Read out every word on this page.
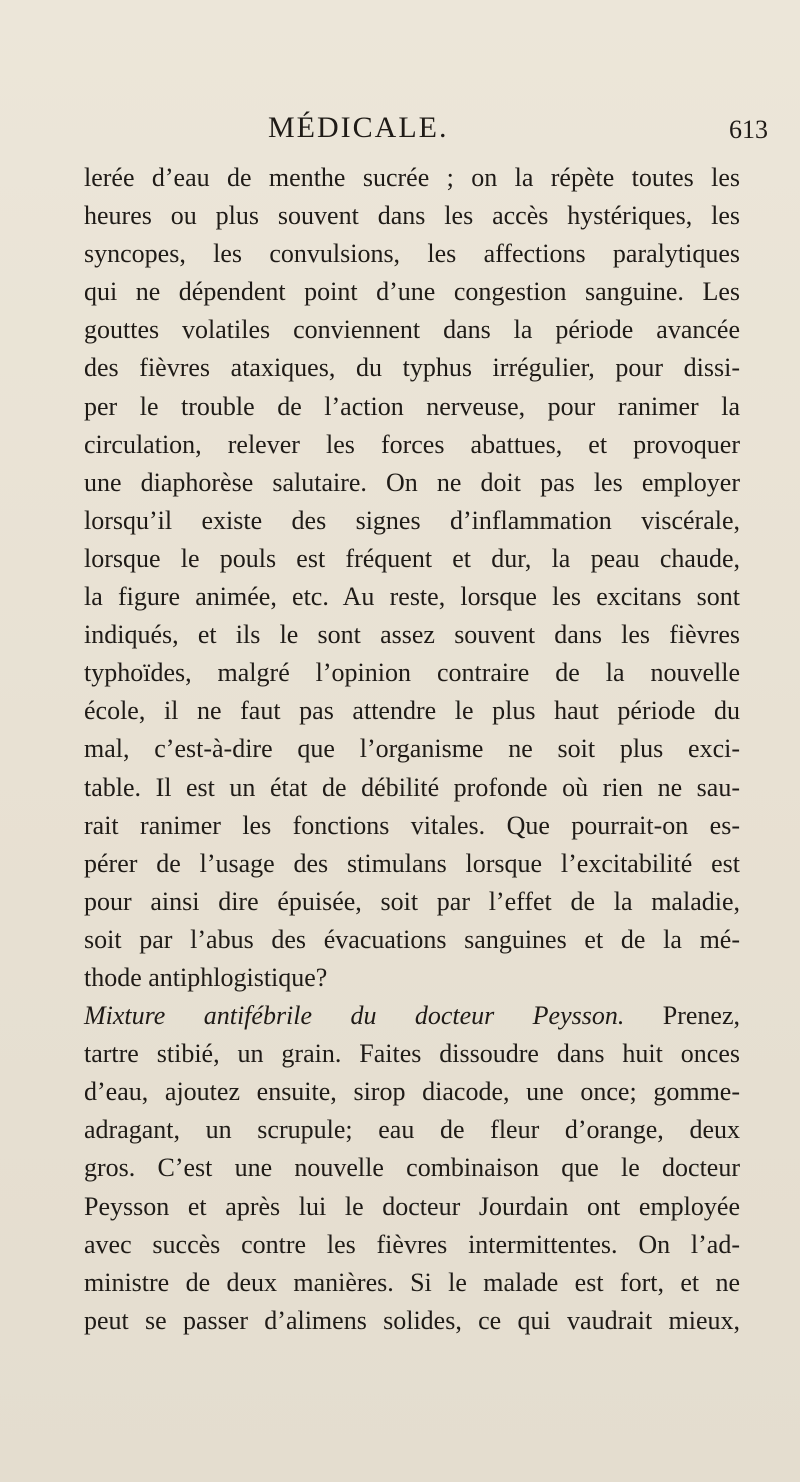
MÉDICALE.	613
lerée d’eau de menthe sucrée ; on la répète toutes les
heures ou plus souvent dans les accès hystériques, les
syncopes, les convulsions, les affections paralytiques
qui ne dépendent point d’une congestion sanguine. Les
gouttes volatiles conviennent dans la période avancée
des fièvres ataxiques, du typhus irrégulier, pour dissi-
per le trouble de l’action nerveuse, pour ranimer la
circulation, relever les forces abattues, et provoquer
une diaphorèse salutaire. On ne doit pas les employer
lorsqu’il existe des signes d’inflammation viscérale,
lorsque le pouls est fréquent et dur, la peau chaude,
la figure animée, etc. Au reste, lorsque les excitans sont
indiqués, et ils le sont assez souvent dans les fièvres
typhoïdes, malgré l’opinion contraire de la nouvelle
école, il ne faut pas attendre le plus haut période du
mal, c’est-à-dire que l’organisme ne soit plus exci-
table. Il est un état de débilité profonde où rien ne sau-
rait ranimer les fonctions vitales. Que pourrait-on es-
pérer de l’usage des stimulans lorsque l’excitabilité est
pour ainsi dire épuisée, soit par l’effet de la maladie,
soit par l’abus des évacuations sanguines et de la mé-
thode antiphlogistique?
Mixture antifébrile du docteur Peysson. Prenez,
tartre stibié, un grain. Faites dissoudre dans huit onces
d’eau, ajoutez ensuite, sirop diacode, une once; gomme-
adragant, un scrupule; eau de fleur d’orange, deux
gros. C’est une nouvelle combinaison que le docteur
Peysson et après lui le docteur Jourdain ont employée
avec succès contre les fièvres intermittentes. On l’ad-
ministre de deux manières. Si le malade est fort, et ne
peut se passer d’alimens solides, ce qui vaudrait mieux,
